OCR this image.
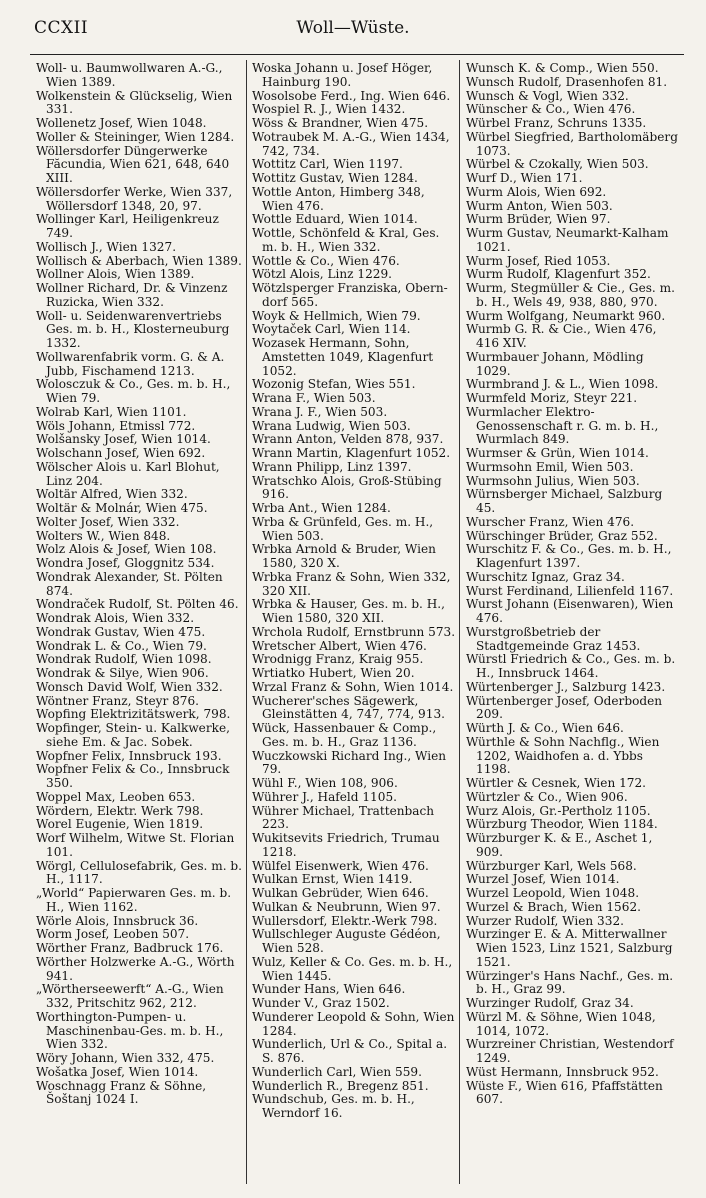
CCXII	Woll—Wüste.

Woll- u. Baumwollwaren A.-G., Wien 1389.

Wolkenstein & Glückselig, Wien 331.

Wollenetz Josef, Wien 1048.

Woller & Steininger, Wien 1284.

Wöllersdorfer Düngerwerke Făcundia, Wien 621, 648, 640 XIII.

Wöllersdorfer Werke, Wien 337, Wöllersdorf 1348, 20, 97.

Wollinger Karl, Heiligenkreuz 749.

Wollisch J., Wien 1327.

Wollisch & Aberbach, Wien 1389.

Wollner Alois, Wien 1389.

Wollner Richard, Dr. & Vinzenz Ruzicka, Wien 332.

Woll- u. Seidenwarenvertriebs Ges. m. b. H., Klosterneuburg 1332.

Wollwarenfabrik vorm. G. & A. Jubb, Fischamend 1213.

Wolosczuk & Co., Ges. m. b. H., Wien 79.

Wolrab Karl, Wien 1101.

Wöls Johann, Etmissl 772.

Wolšansky Josef, Wien 1014.

Wolschann Josef, Wien 692.

Wölscher Alois u. Karl Blohut, Linz 204.

Woltär Alfred, Wien 332.

Woltär & Molnár, Wien 475.

Wolter Josef, Wien 332.

Wolters W., Wien 848.

Wolz Alois & Josef, Wien 108.

Wondra Josef, Gloggnitz 534.

Wondrak Alexander, St. Pölten 874.

Wondraček Rudolf, St. Pölten 46.

Wondrak Alois, Wien 332.

Wondrak Gustav, Wien 475.

Wondrak L. & Co., Wien 79.

Wondrak Rudolf, Wien 1098.

Wondrak & Silye, Wien 906.

Wonsch David Wolf, Wien 332.

Wöntner Franz, Steyr 876.

Wopfing Elektrizitätswerk, 798.

Wopfinger, Stein- u. Kalkwerke, siehe Em. & Jac. Sobek.

Wopfner Felix, Innsbruck 193.

Wopfner Felix & Co., Innsbruck 350.

Woppel Max, Leoben 653.

Wördern, Elektr. Werk 798.

Worel Eugenie, Wien 1819.

Worf Wilhelm, Witwe St. Florian 101.

Wörgl, Cellulosefabrik, Ges. m. b. H., 1117.

„World“ Papierwaren Ges. m. b. H., Wien 1162.

Wörle Alois, Innsbruck 36.

Worm Josef, Leoben 507.

Wörther Franz, Badbruck 176.

Wörther Holzwerke A.-G., Wörth 941.

„Wörtherseewerft“ A.-G., Wien 332, Pritschitz 962, 212.

Worthington-Pumpen- u. Maschinenbau-Ges. m. b. H., Wien 332.

Wöry Johann, Wien 332, 475.

Wošatka Josef, Wien 1014.

Woschnagg Franz & Söhne, Šoštanj 1024 I.

Woska Johann u. Josef Höger, Hainburg 190.

Wosolsobe Ferd., Ing. Wien 646.

Wospiel R. J., Wien 1432.

Wöss & Brandner, Wien 475.

Wotraubek M. A.-G., Wien 1434, 742, 734.

Wottitz Carl, Wien 1197.

Wottitz Gustav, Wien 1284.

Wottle Anton, Himberg 348, Wien 476.

Wottle Eduard, Wien 1014.

Wottle, Schönfeld & Kral, Ges. m. b. H., Wien 332.

Wottle & Co., Wien 476.

Wötzl Alois, Linz 1229.

Wötzlsperger Franziska, Obern-dorf 565.

Woyk & Hellmich, Wien 79.

Woytaček Carl, Wien 114.

Wozasek Hermann, Sohn, Amstetten 1049, Klagenfurt 1052.

Wozonig Stefan, Wies 551.

Wrana F., Wien 503.

Wrana J. F., Wien 503.

Wrana Ludwig, Wien 503.

Wrann Anton, Velden 878, 937.

Wrann Martin, Klagenfurt 1052.

Wrann Philipp, Linz 1397.

Wratschko Alois, Groß-Stübing 916.

Wrba Ant., Wien 1284.

Wrba & Grünfeld, Ges. m. H., Wien 503.

Wrbka Arnold & Bruder, Wien 1580, 320 X.

Wrbka Franz & Sohn, Wien 332, 320 XII.

Wrbka & Hauser, Ges. m. b. H., Wien 1580, 320 XII.

Wrchola Rudolf, Ernstbrunn 573.

Wretscher Albert, Wien 476.

Wrodnigg Franz, Kraig 955.

Wrtiatko Hubert, Wien 20.

Wrzal Franz & Sohn, Wien 1014.

Wucherer'sches Sägewerk, Gleinstätten 4, 747, 774, 913.

Wück, Hassenbauer & Comp., Ges. m. b. H., Graz 1136.

Wuczkowski Richard Ing., Wien 79.

Wühl F., Wien 108, 906.

Wührer J., Hafeld 1105.

Wührer Michael, Trattenbach 223.

Wukitsevits Friedrich, Trumau 1218.

Wülfel Eisenwerk, Wien 476.

Wulkan Ernst, Wien 1419.

Wulkan Gebrüder, Wien 646.

Wulkan & Neubrunn, Wien 97.

Wullersdorf, Elektr.-Werk 798.

Wullschleger Auguste Gédéon, Wien 528.

Wulz, Keller & Co. Ges. m. b. H., Wien 1445.

Wunder Hans, Wien 646.

Wunder V., Graz 1502.

Wunderer Leopold & Sohn, Wien 1284.

Wunderlich, Url & Co., Spital a. S. 876.

Wunderlich Carl, Wien 559.

Wunderlich R., Bregenz 851.

Wundschub, Ges. m. b. H., Werndorf 16.

Wunsch K. & Comp., Wien 550.

Wunsch Rudolf, Drasenhofen 81.

Wunsch & Vogl, Wien 332.

Wünscher & Co., Wien 476.

Würbel Franz, Schruns 1335.

Würbel Siegfried, Bartholomäberg 1073.

Würbel & Czokally, Wien 503.

Wurf D., Wien 171.

Wurm Alois, Wien 692.

Wurm Anton, Wien 503.

Wurm Brüder, Wien 97.

Wurm Gustav, Neumarkt-Kalham 1021.

Wurm Josef, Ried 1053.

Wurm Rudolf, Klagenfurt 352.

Wurm, Stegmüller & Cie., Ges. m. b. H., Wels 49, 938, 880, 970.

Wurm Wolfgang, Neumarkt 960.

Wurmb G. R. & Cie., Wien 476, 416 XIV.

Wurmbauer Johann, Mödling 1029.

Wurmbrand J. & L., Wien 1098.

Wurmfeld Moriz, Steyr 221.

Wurmlacher Elektro-Genossenschaft r. G. m. b. H., Wurmlach 849.

Wurmser & Grün, Wien 1014.

Wurmsohn Emil, Wien 503.

Wurmsohn Julius, Wien 503.

Würnsberger Michael, Salzburg 45.

Wurscher Franz, Wien 476.

Würschinger Brüder, Graz 552.

Wurschitz F. & Co., Ges. m. b. H., Klagenfurt 1397.

Wurschitz Ignaz, Graz 34.

Wurst Ferdinand, Lilienfeld 1167.

Wurst Johann (Eisenwaren), Wien 476.

Wurstgroßbetrieb der Stadtgemeinde Graz 1453.

Würstl Friedrich & Co., Ges. m. b. H., Innsbruck 1464.

Würtenberger J., Salzburg 1423.

Würtenberger Josef, Oderboden 209.

Würth J. & Co., Wien 646.

Würthle & Sohn Nachflg., Wien 1202, Waidhofen a. d. Ybbs 1198.

Würtler & Cesnek, Wien 172.

Würtzler & Co., Wien 906.

Wurz Alois, Gr.-Pertholz 1105.

Würzburg Theodor, Wien 1184.

Würzburger K. & E., Aschet 1, 909.

Würzburger Karl, Wels 568.

Wurzel Josef, Wien 1014.

Wurzel Leopold, Wien 1048.

Wurzel & Brach, Wien 1562.

Wurzer Rudolf, Wien 332.

Wurzinger E. & A. Mitterwallner Wien 1523, Linz 1521, Salzburg 1521.

Würzinger's Hans Nachf., Ges. m. b. H., Graz 99.

Wurzinger Rudolf, Graz 34.

Würzl M. & Söhne, Wien 1048, 1014, 1072.

Wurzreiner Christian, Westendorf 1249.

Wüst Hermann, Innsbruck 952.

Wüste F., Wien 616, Pfaffstätten 607.
